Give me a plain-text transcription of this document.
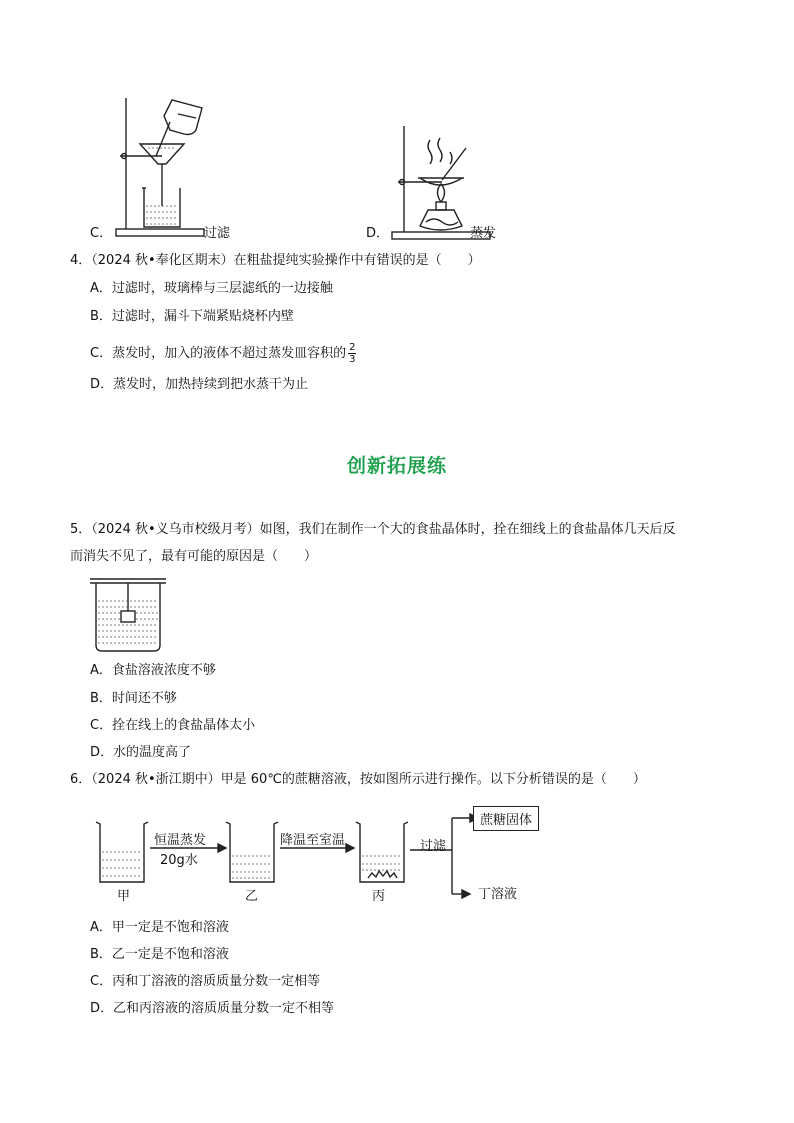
C．	过滤	D．	蒸发
4．（2024 秋•奉化区期末）在粗盐提纯实验操作中有错误的是（　　）
A．过滤时，玻璃棒与三层滤纸的一边接触
B．过滤时，漏斗下端紧贴烧杯内壁
C．蒸发时，加入的液体不超过蒸发皿容积的 $\frac{2}{3}$
D．蒸发时，加热持续到把水蒸干为止
创新拓展练
5．（2024 秋•义乌市校级月考）如图，我们在制作一个大的食盐晶体时，拴在细线上的食盐晶体几天后反
而消失不见了，最有可能的原因是（　　）
A．食盐溶液浓度不够
B．时间还不够
C．拴在线上的食盐晶体太小
D．水的温度高了
6．（2024 秋•浙江期中）甲是 60℃的蔗糖溶液，按如图所示进行操作。以下分析错误的是（　　）
恒温蒸发
20g水
降温至室温	过滤
蔗糖固体
丁溶液
甲	乙	丙
A．甲一定是不饱和溶液
B．乙一定是不饱和溶液
C．丙和丁溶液的溶质质量分数一定相等
D．乙和丙溶液的溶质质量分数一定不相等
